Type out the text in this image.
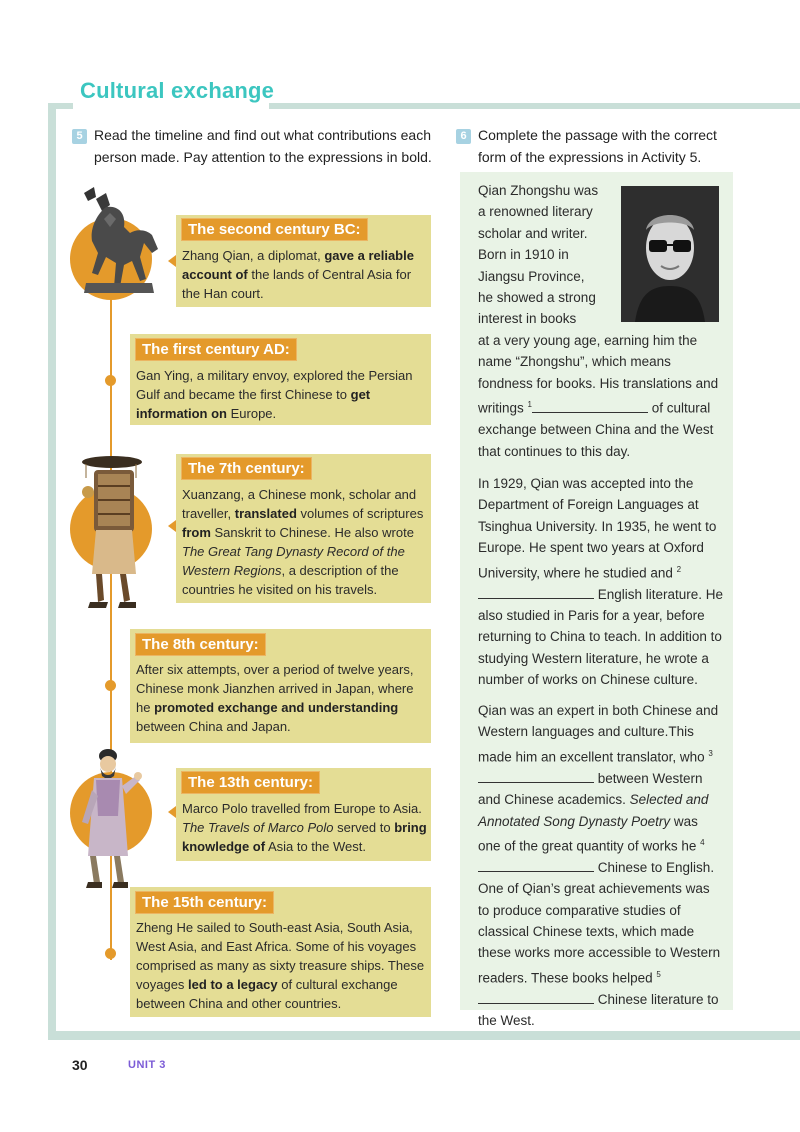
Cultural exchange
5 Read the timeline and find out what contributions each person made. Pay attention to the expressions in bold.
6 Complete the passage with the correct form of the expressions in Activity 5.
The second century BC:
Zhang Qian, a diplomat, gave a reliable account of the lands of Central Asia for the Han court.
The first century AD:
Gan Ying, a military envoy, explored the Persian Gulf and became the first Chinese to get information on Europe.
The 7th century:
Xuanzang, a Chinese monk, scholar and traveller, translated volumes of scriptures from Sanskrit to Chinese. He also wrote The Great Tang Dynasty Record of the Western Regions, a description of the countries he visited on his travels.
The 8th century:
After six attempts, over a period of twelve years, Chinese monk Jianzhen arrived in Japan, where he promoted exchange and understanding between China and Japan.
The 13th century:
Marco Polo travelled from Europe to Asia. The Travels of Marco Polo served to bring knowledge of Asia to the West.
The 15th century:
Zheng He sailed to South-east Asia, South Asia, West Asia, and East Africa. Some of his voyages comprised as many as sixty treasure ships. These voyages led to a legacy of cultural exchange between China and other countries.
Qian Zhongshu was
a renowned literary
scholar and writer.
Born in 1910 in
Jiangsu Province,
he showed a strong
interest in books
at a very young age, earning him the name “Zhongshu”, which means fondness for books. His translations and writings $^1$	of cultural exchange between China and the West that continues to this day.
In 1929, Qian was accepted into the Department of Foreign Languages at Tsinghua University. In 1935, he went to Europe. He spent two years at Oxford University, where he studied and $^2$ English literature. He also studied in Paris for a year, before returning to China to teach. In addition to studying Western literature, he wrote a number of works on Chinese culture.
Qian was an expert in both Chinese and Western languages and culture.This made him an excellent translator, who $^3$ between Western and Chinese academics. Selected and Annotated Song Dynasty Poetry was one of the great quantity of works he $^4$ Chinese to English. One of Qian’s great achievements was to produce comparative studies of classical Chinese texts, which made these works more accessible to Western readers. These books helped $^5$ Chinese literature to the West.
30	UNIT 3
